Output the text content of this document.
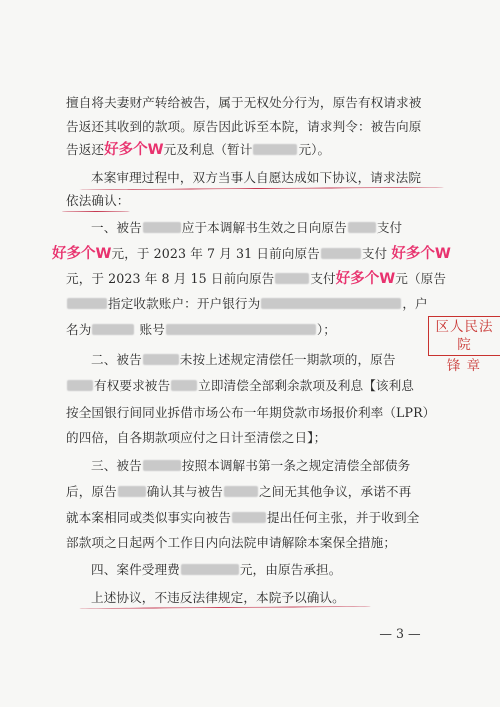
擅自将夫妻财产转给被告，属于无权处分行为，原告有权请求被
告返还其收到的款项。原告因此诉至本院，请求判令：被告向原
告返还好多个W元及利息（暂计	元）。
本案审理过程中，双方当事人自愿达成如下协议，请求法院
依法确认：
一、被告	应于本调解书生效之日向原告 支付
好多个W元，于 2023 年 7 月 31 日前向原告	支付 好多个W
元，于 2023 年 8 月 15 日前向原告	支付好多个W元（原告
指定收款账户：开户银行为	，户
名为	账号	）；
二、被告	未按上述规定清偿任一期款项的，原告
有权要求被告 立即清偿全部剩余款项及利息【该利息
按全国银行间同业拆借市场公布一年期贷款市场报价利率（LPR）
的四倍，自各期款项应付之日计至清偿之日】；
三、被告	按照本调解书第一条之规定清偿全部债务
后，原告 确认其与被告	之间无其他争议，承诺不再
就本案相同或类似事实向被告	提出任何主张，并于收到全
部款项之日起两个工作日内向法院申请解除本案保全措施；
四、案件受理费	元，由原告承担。
上述协议，不违反法律规定，本院予以确认。
区人民法院
锋 章
— 3 —
